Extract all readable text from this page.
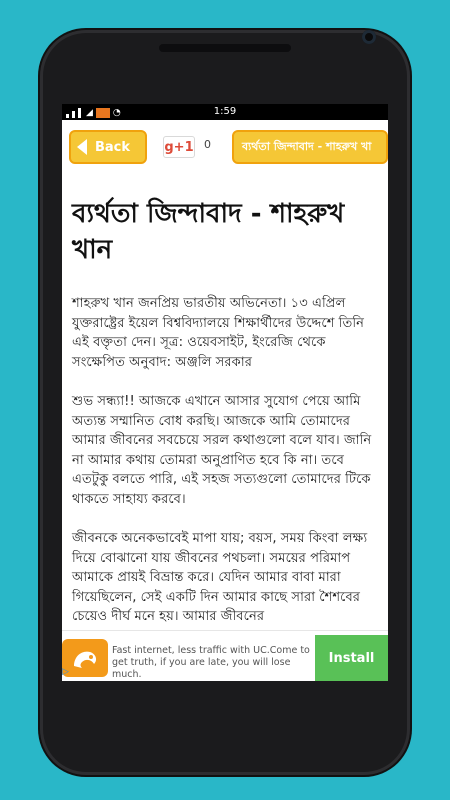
◢ ◔	1:59
Back	g+1 0	ব্যর্থতা জিন্দাবাদ - শাহরুখ খা
ব্যর্থতা জিন্দাবাদ - শাহরুখ খান

শাহরুখ খান জনপ্রিয় ভারতীয় অভিনেতা। ১৩ এপ্রিল যুক্তরাষ্ট্রের ইয়েল বিশ্ববিদ্যালয়ে শিক্ষার্থীদের উদ্দেশে তিনি এই বক্তৃতা দেন। সূত্র: ওয়েবসাইট, ইংরেজি থেকে সংক্ষেপিত অনুবাদ: অঞ্জলি সরকার

শুভ সন্ধ্যা!! আজকে এখানে আসার সুযোগ পেয়ে আমি অত্যন্ত সম্মানিত বোধ করছি। আজকে আমি তোমাদের আমার জীবনের সবচেয়ে সরল কথাগুলো বলে যাব। জানি না আমার কথায় তোমরা অনুপ্রাণিত হবে কি না। তবে এতটুকু বলতে পারি, এই সহজ সত্যগুলো তোমাদের টিকে থাকতে সাহায্য করবে।

জীবনকে অনেকভাবেই মাপা যায়; বয়স, সময় কিংবা লক্ষ্য দিয়ে বোঝানো যায় জীবনের পথচলা। সময়ের পরিমাপ আমাকে প্রায়ই বিভ্রান্ত করে। যেদিন আমার বাবা মারা গিয়েছিলেন, সেই একটি দিন আমার কাছে সারা শৈশবের চেয়েও দীর্ঘ মনে হয়। আমার জীবনের

▷
Fast internet, less traffic with UC.Come to get truth, if you are late, you will lose much.
Install
